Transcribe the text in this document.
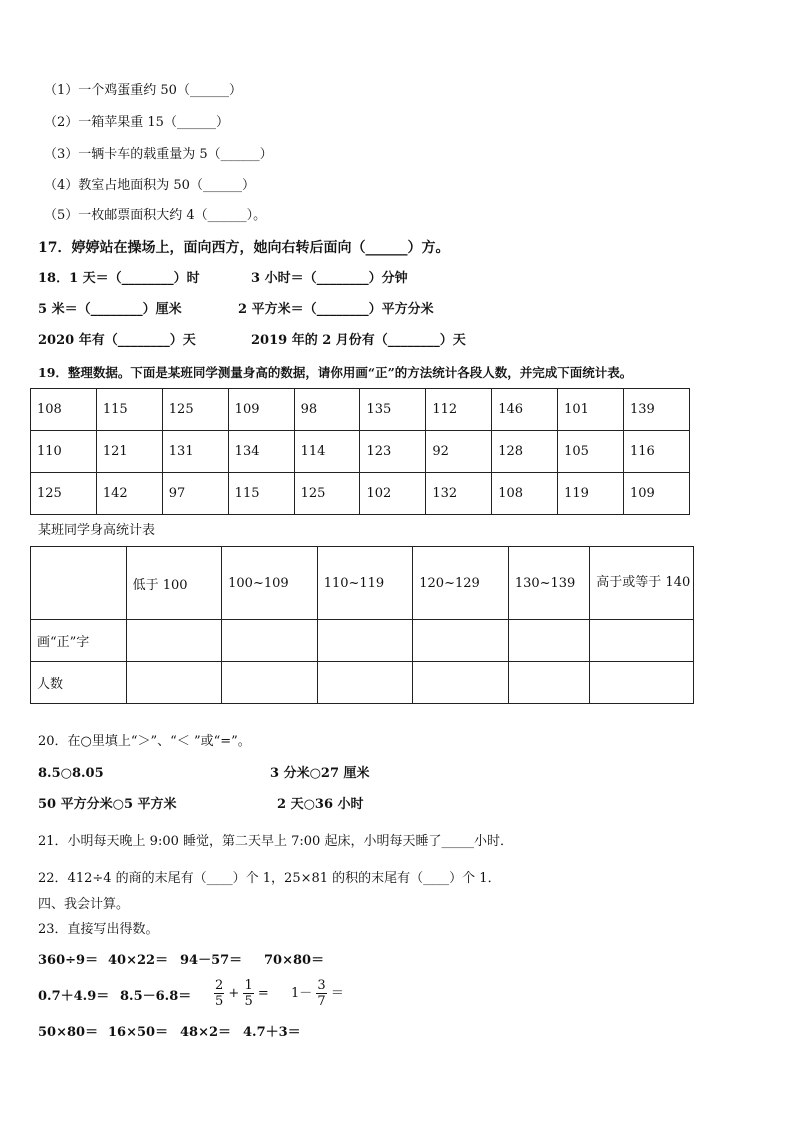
（1）一个鸡蛋重约 50（______）
（2）一箱苹果重 15（______）
（3）一辆卡车的载重量为 5（______）
（4）教室占地面积为 50（______）
（5）一枚邮票面积大约 4（______）。
17．婷婷站在操场上，面向西方，她向右转后面向（______）方。
18．1 天＝（________）时	3 小时＝（________）分钟
5 米＝（________）厘米	2 平方米＝（________）平方分米
2020 年有（________）天	2019 年的 2 月份有（________）天
19．整理数据。下面是某班同学测量身高的数据，请你用画“正”的方法统计各段人数，并完成下面统计表。
108	115	125	109	98	135	112	146	101	139
110	121	131	134	114	123	92	128	105	116
125	142	97	115	125	102	132	108	119	109
某班同学身高统计表
	低于 100	100~109	110~119	120~129	130~139	高于或等于 140
画“正”字						
人数						
20．在○里填上“＞”、“＜ ”或“=”。
8.5○8.05	3 分米○27 厘米
50 平方分米○5 平方米	2 天○36 小时
21．小明每天晚上 9:00 睡觉，第二天早上 7:00 起床，小明每天睡了_____小时．
22．412÷4 的商的末尾有（____）个 1，25×81 的积的末尾有（____）个 1．
四、我会计算。
23．直接写出得数。
360÷9＝ 40×22＝ 94－57＝ 70×80＝
$0.7+4.9= 8.5-6.8= \frac{2}{5} + \frac{1}{5} = 1- \frac{3}{7}$ ＝
50×80＝ 16×50＝ 48×2＝ 4.7＋3＝
